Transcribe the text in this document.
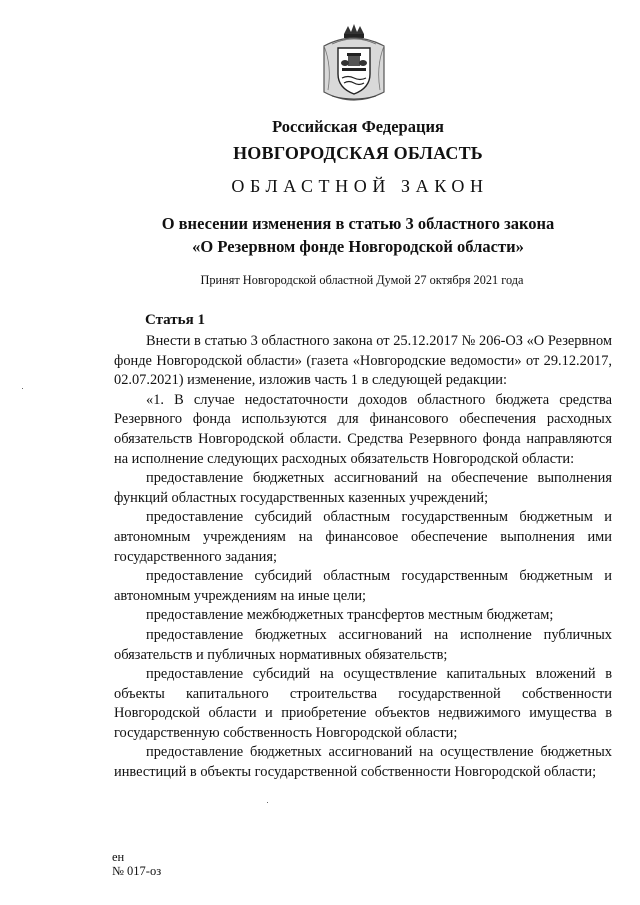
Российская Федерация
НОВГОРОДСКАЯ ОБЛАСТЬ
ОБЛАСТНОЙ ЗАКОН
О внесении изменения в статью 3 областного закона
«О Резервном фонде Новгородской области»
Принят Новгородской областной Думой 27 октября 2021 года
Статья 1

Внести в статью 3 областного закона от 25.12.2017 № 206-ОЗ «О Резервном фонде Новгородской области» (газета «Новгородские ведомости» от 29.12.2017, 02.07.2021) изменение, изложив часть 1 в следующей редакции:

«1. В случае недостаточности доходов областного бюджета средства Резервного фонда используются для финансового обеспечения расходных обязательств Новгородской области. Средства Резервного фонда направляются на исполнение следующих расходных обязательств Новгородской области:

предоставление бюджетных ассигнований на обеспечение выполнения функций областных государственных казенных учреждений;

предоставление субсидий областным государственным бюджетным и автономным учреждениям на финансовое обеспечение выполнения ими государственного задания;

предоставление субсидий областным государственным бюджетным и автономным учреждениям на иные цели;

предоставление межбюджетных трансфертов местным бюджетам;

предоставление бюджетных ассигнований на исполнение публичных обязательств и публичных нормативных обязательств;

предоставление субсидий на осуществление капитальных вложений в объекты капитального строительства государственной собственности Новгородской области и приобретение объектов недвижимого имущества в государственную собственность Новгородской области;

предоставление бюджетных ассигнований на осуществление бюджетных инвестиций в объекты государственной собственности Новгородской области;

ен
№ 017-оз
